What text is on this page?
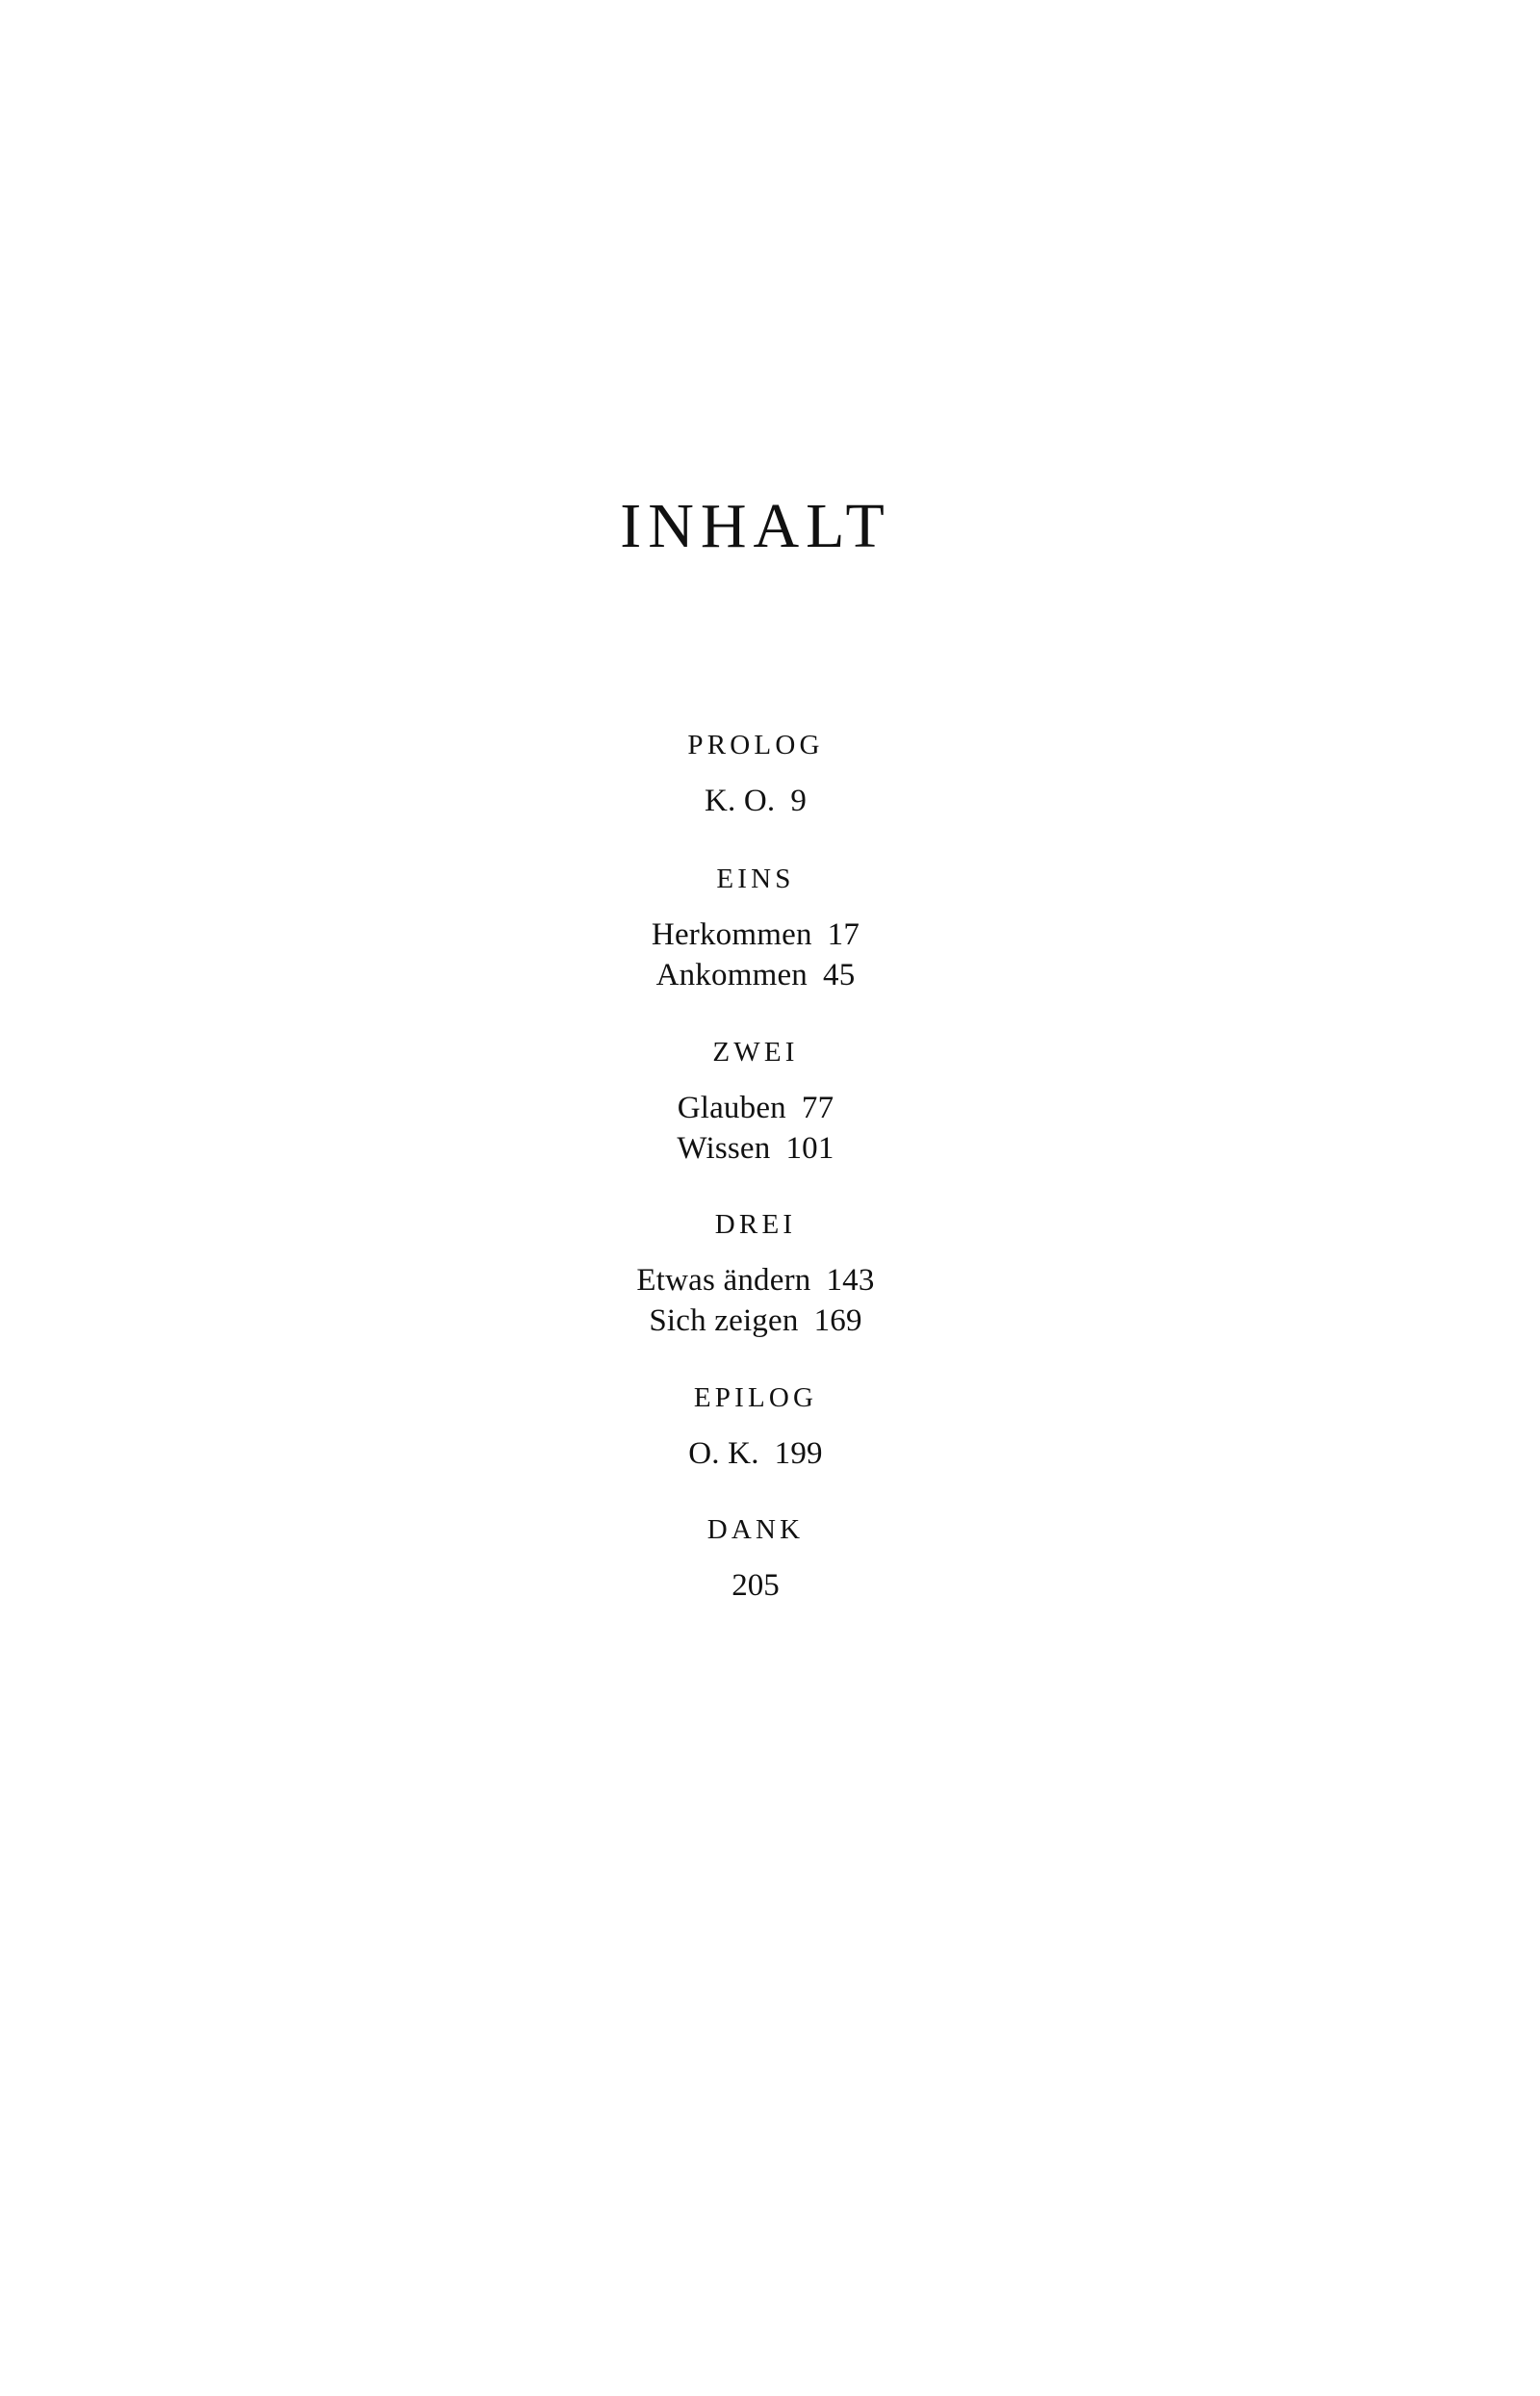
INHALT
PROLOG
K. O. 9
EINS
Herkommen 17
Ankommen 45
ZWEI
Glauben 77
Wissen 101
DREI
Etwas ändern 143
Sich zeigen 169
EPILOG
O. K. 199
DANK
205
